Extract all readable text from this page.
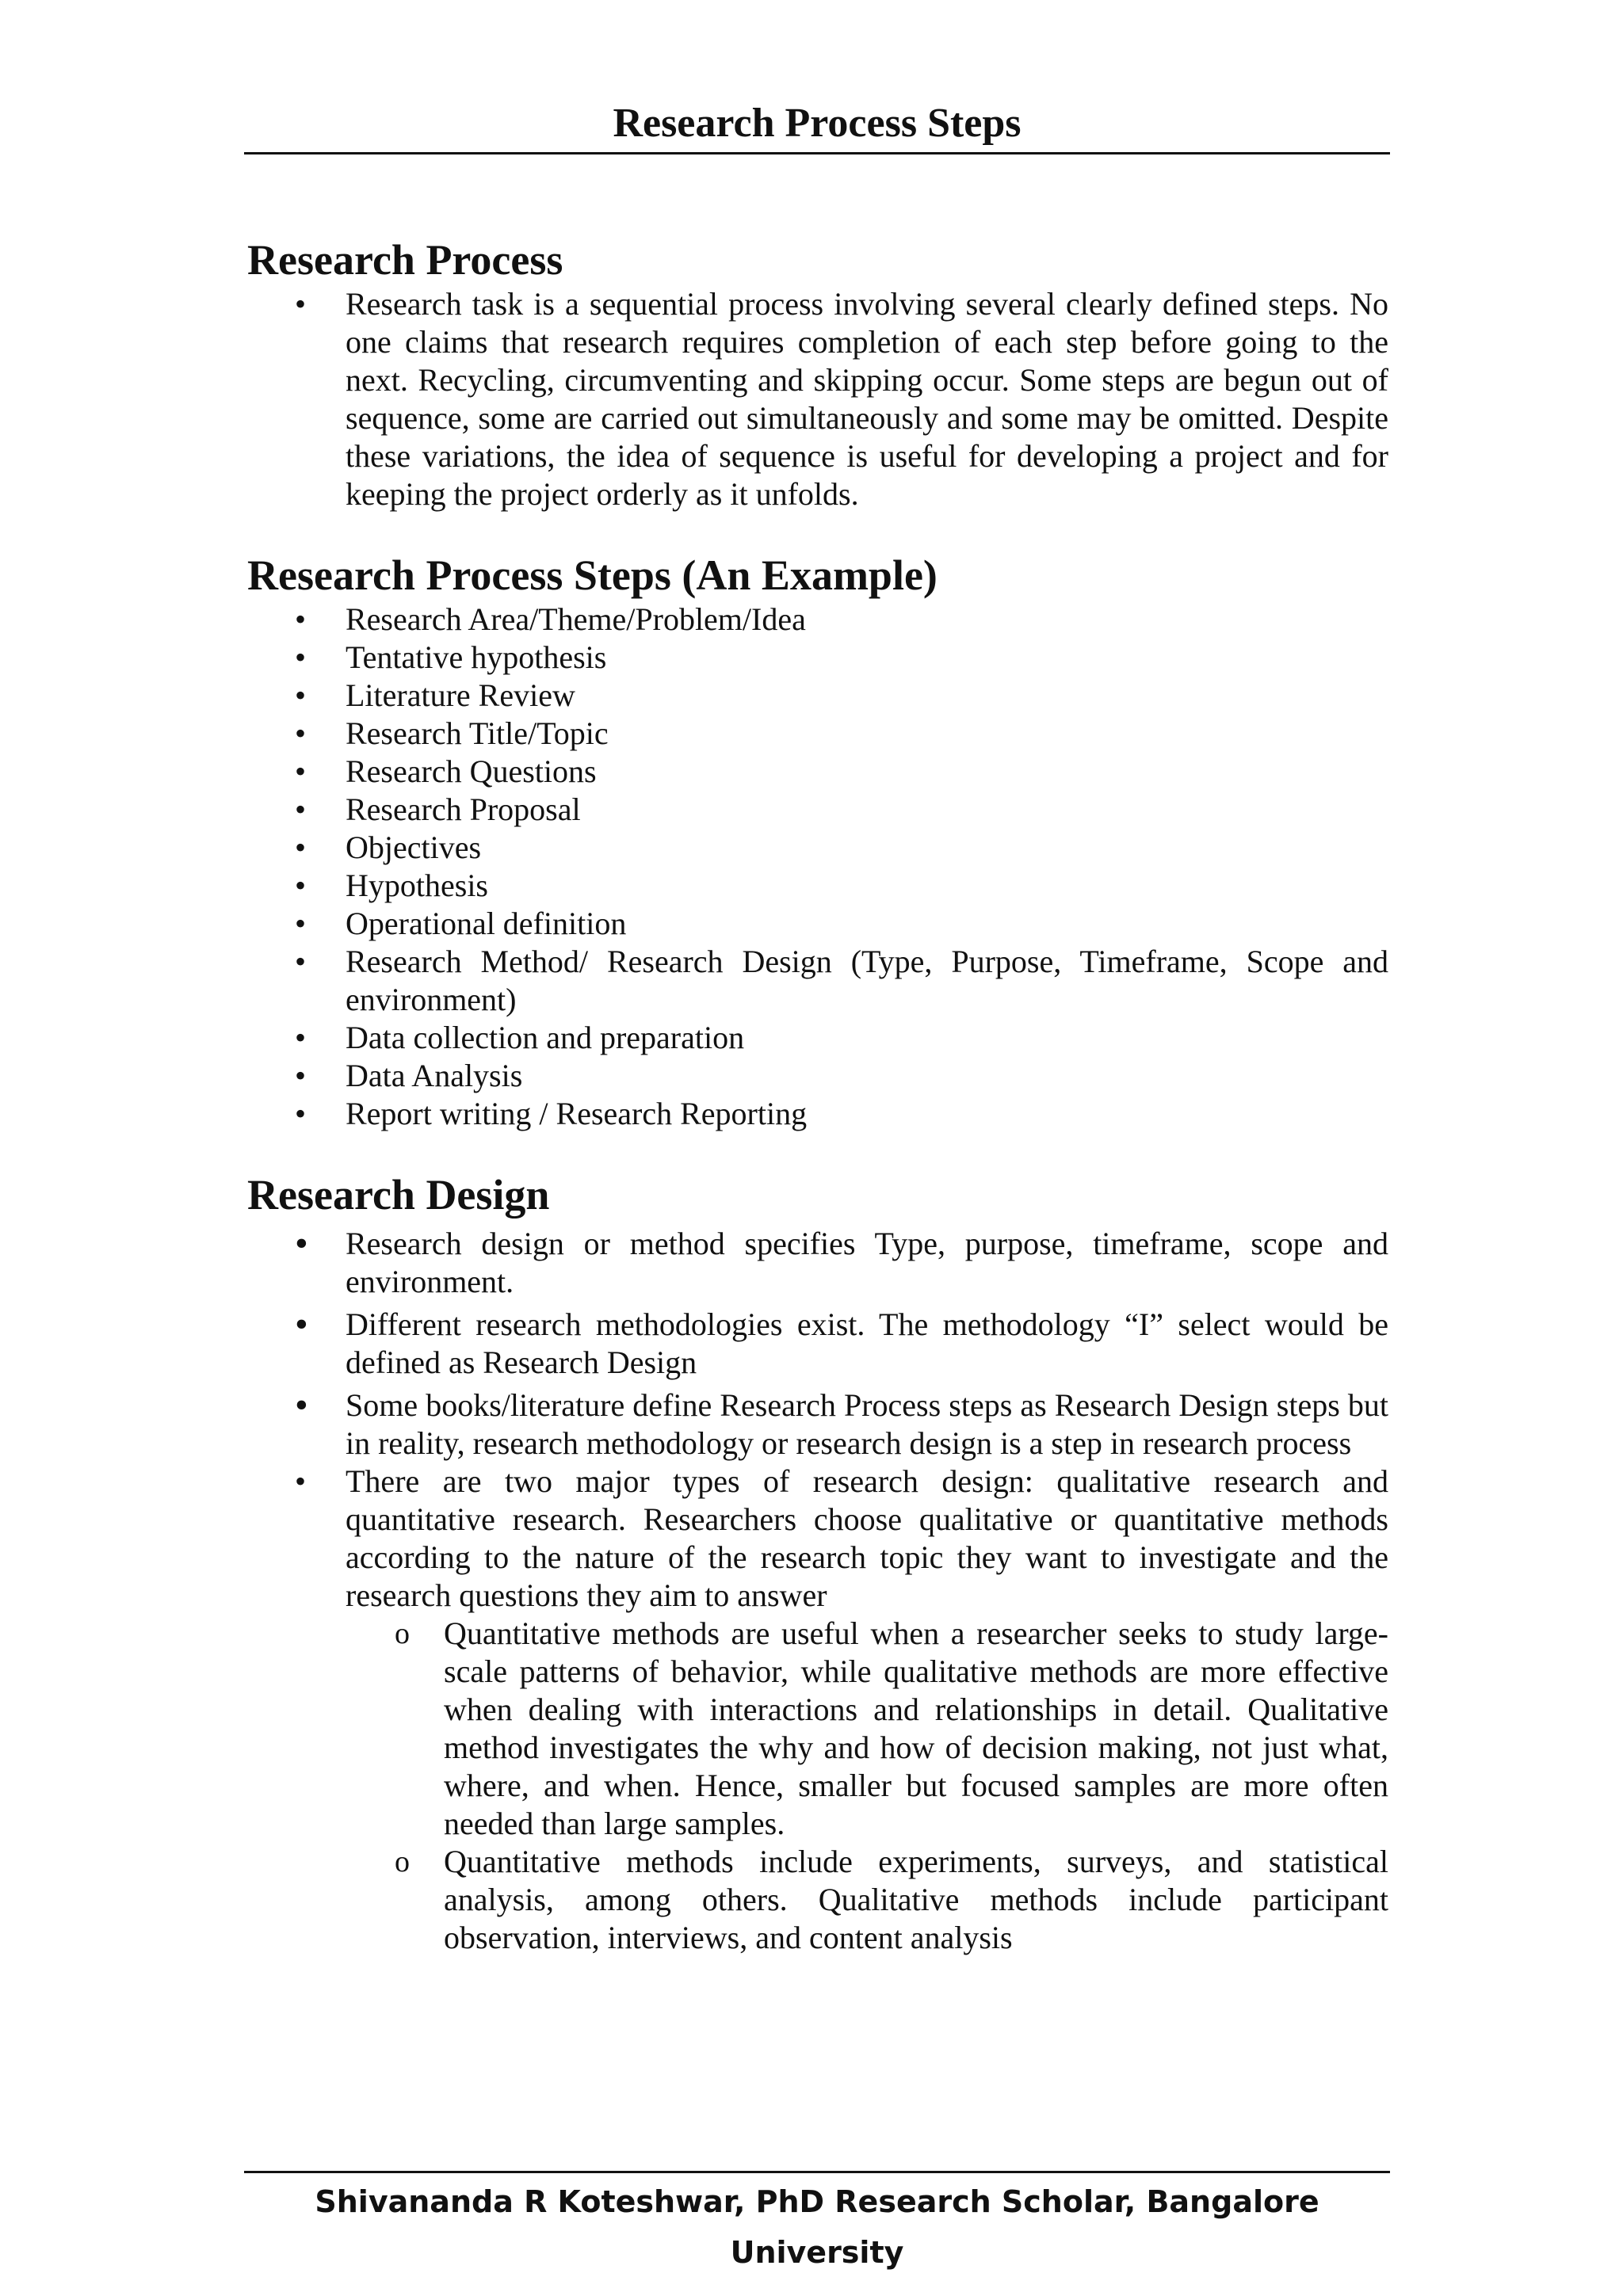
Research Process Steps
Research Process
• Research task is a sequential process involving several clearly defined steps. No one claims that research requires completion of each step before going to the next. Recycling, circumventing and skipping occur. Some steps are begun out of sequence, some are carried out simultaneously and some may be omitted. Despite these variations, the idea of sequence is useful for developing a project and for keeping the project orderly as it unfolds.
Research Process Steps (An Example)
• Research Area/Theme/Problem/Idea
• Tentative hypothesis
• Literature Review
• Research Title/Topic
• Research Questions
• Research Proposal
• Objectives
• Hypothesis
• Operational definition
• Research Method/ Research Design (Type, Purpose, Timeframe, Scope and environment)
• Data collection and preparation
• Data Analysis
• Report writing / Research Reporting
Research Design
• Research design or method specifies Type, purpose, timeframe, scope and environment.
• Different research methodologies exist. The methodology “I” select would be defined as Research Design
• Some books/literature define Research Process steps as Research Design steps but in reality, research methodology or research design is a step in research process
• There are two major types of research design: qualitative research and quantitative research. Researchers choose qualitative or quantitative methods according to the nature of the research topic they want to investigate and the research questions they aim to answer
o Quantitative methods are useful when a researcher seeks to study large-scale patterns of behavior, while qualitative methods are more effective when dealing with interactions and relationships in detail. Qualitative method investigates the why and how of decision making, not just what, where, and when. Hence, smaller but focused samples are more often needed than large samples.
o Quantitative methods include experiments, surveys, and statistical analysis, among others. Qualitative methods include participant observation, interviews, and content analysis
Shivananda R Koteshwar, PhD Research Scholar, Bangalore University
